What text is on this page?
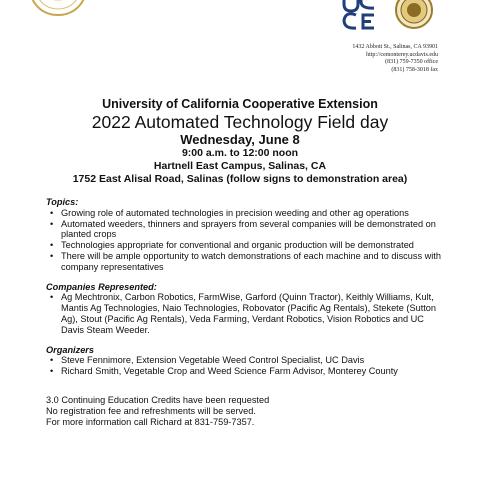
1432 Abbott St., Salinas, CA 93901
http://cemonterey.ucdavis.edu
(831) 759-7350 office
(831) 758-3018 fax
University of California Cooperative Extension
2022 Automated Technology Field day
Wednesday, June 8
9:00 a.m. to 12:00 noon
Hartnell East Campus, Salinas, CA
1752 East Alisal Road, Salinas (follow signs to demonstration area)

Topics:

• Growing role of automated technologies in precision weeding and other ag operations
• Automated weeders, thinners and sprayers from several companies will be demonstrated on planted crops
• Technologies appropriate for conventional and organic production will be demonstrated
• There will be ample opportunity to watch demonstrations of each machine and to discuss with company representatives

Companies Represented:

• Ag Mechtronix, Carbon Robotics, FarmWise, Garford (Quinn Tractor), Keithly Williams, Kult, Mantis Ag Technologies, Naio Technologies, Robovator (Pacific Ag Rentals), Stekete (Sutton Ag), Stout (Pacific Ag Rentals), Veda Farming, Verdant Robotics, Vision Robotics and UC Davis Steam Weeder.

Organizers

• Steve Fennimore, Extension Vegetable Weed Control Specialist, UC Davis
• Richard Smith, Vegetable Crop and Weed Science Farm Advisor, Monterey County
3.0 Continuing Education Credits have been requested
No registration fee and refreshments will be served.
For more information call Richard at 831-759-7357.
